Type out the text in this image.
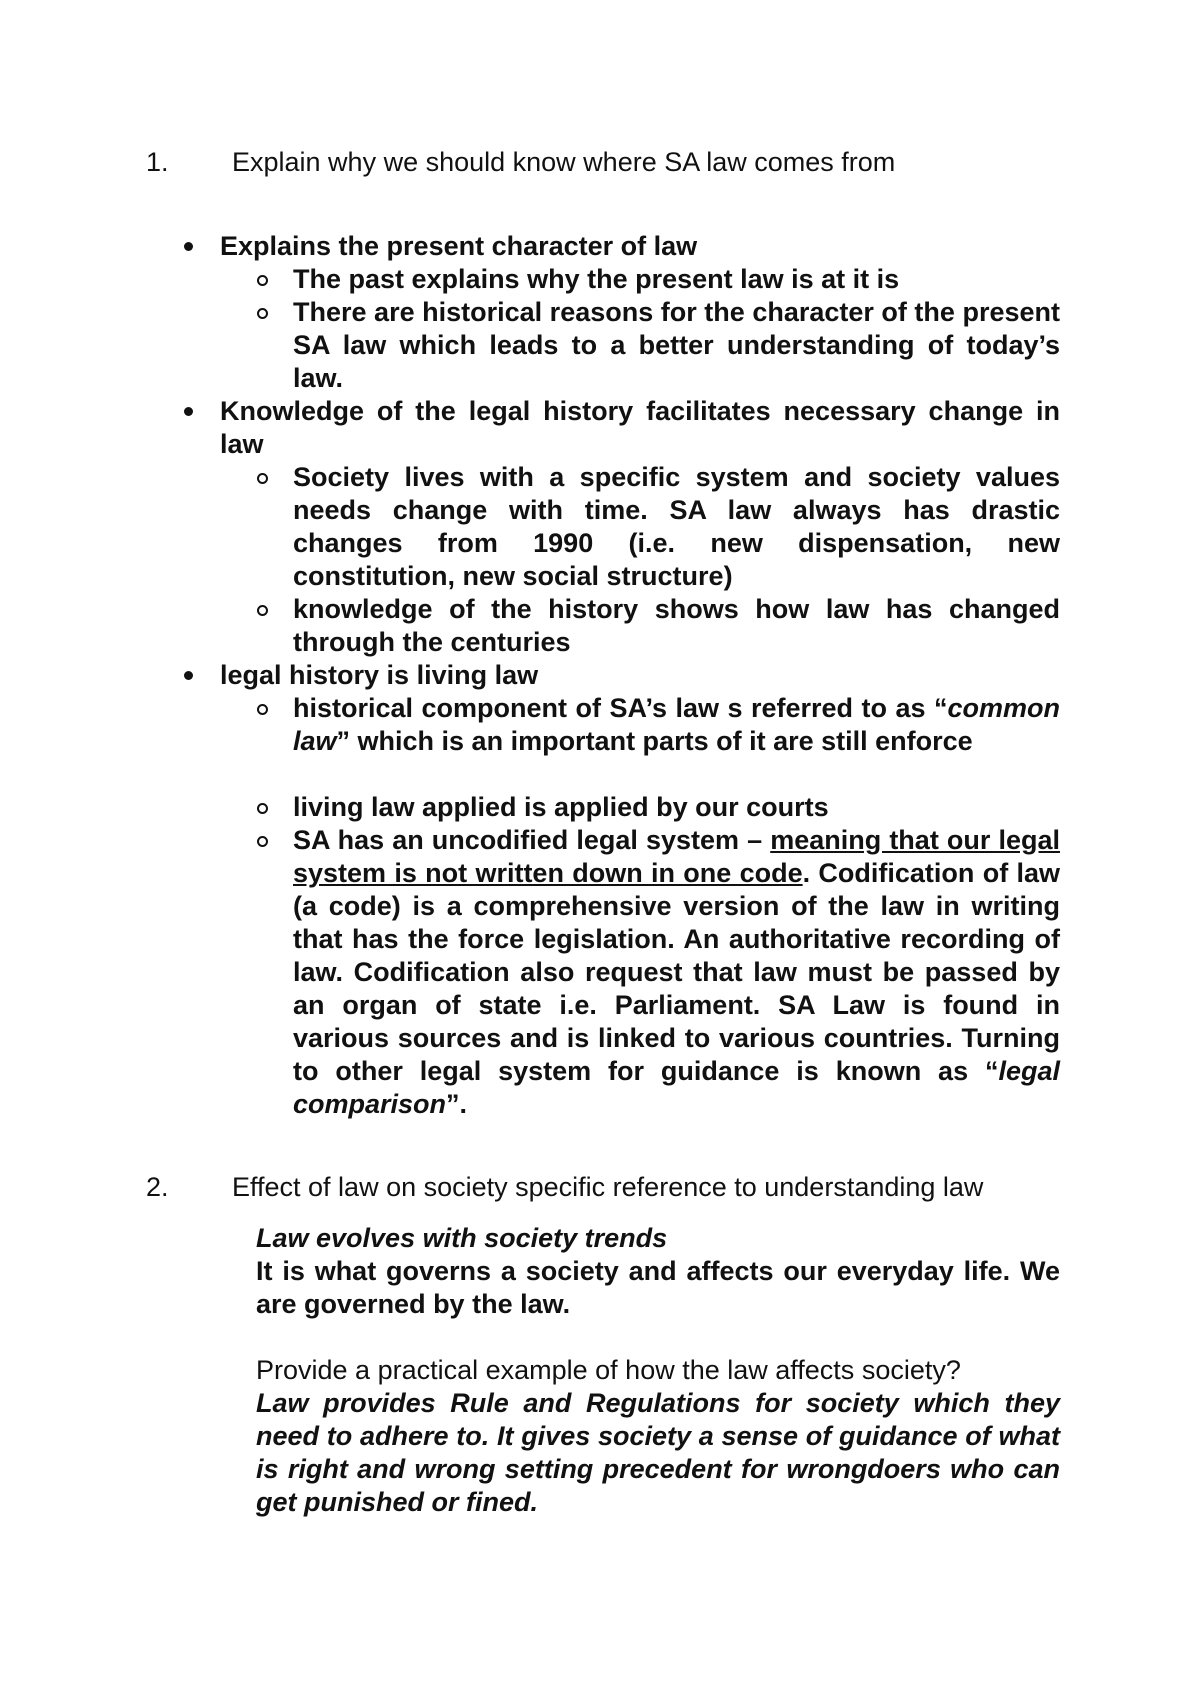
1. Explain why we should know where SA law comes from
Explains the present character of law
The past explains why the present law is at it is
There are historical reasons for the character of the present SA law which leads to a better understanding of today’s law.
Knowledge of the legal history facilitates necessary change in law
Society lives with a specific system and society values needs change with time. SA law always has drastic changes from 1990 (i.e. new dispensation, new constitution, new social structure)
knowledge of the history shows how law has changed through the centuries
legal history is living law
historical component of SA’s law s referred to as “common law” which is an important parts of it are still enforce
living law applied is applied by our courts
SA has an uncodified legal system – meaning that our legal system is not written down in one code. Codification of law (a code) is a comprehensive version of the law in writing that has the force legislation. An authoritative recording of law. Codification also request that law must be passed by an organ of state i.e. Parliament. SA Law is found in various sources and is linked to various countries. Turning to other legal system for guidance is known as “legal comparison”.
2. Effect of law on society specific reference to understanding law
Law evolves with society trends
It is what governs a society and affects our everyday life. We are governed by the law.
Provide a practical example of how the law affects society?
Law provides Rule and Regulations for society which they need to adhere to. It gives society a sense of guidance of what is right and wrong setting precedent for wrongdoers who can get punished or fined.
